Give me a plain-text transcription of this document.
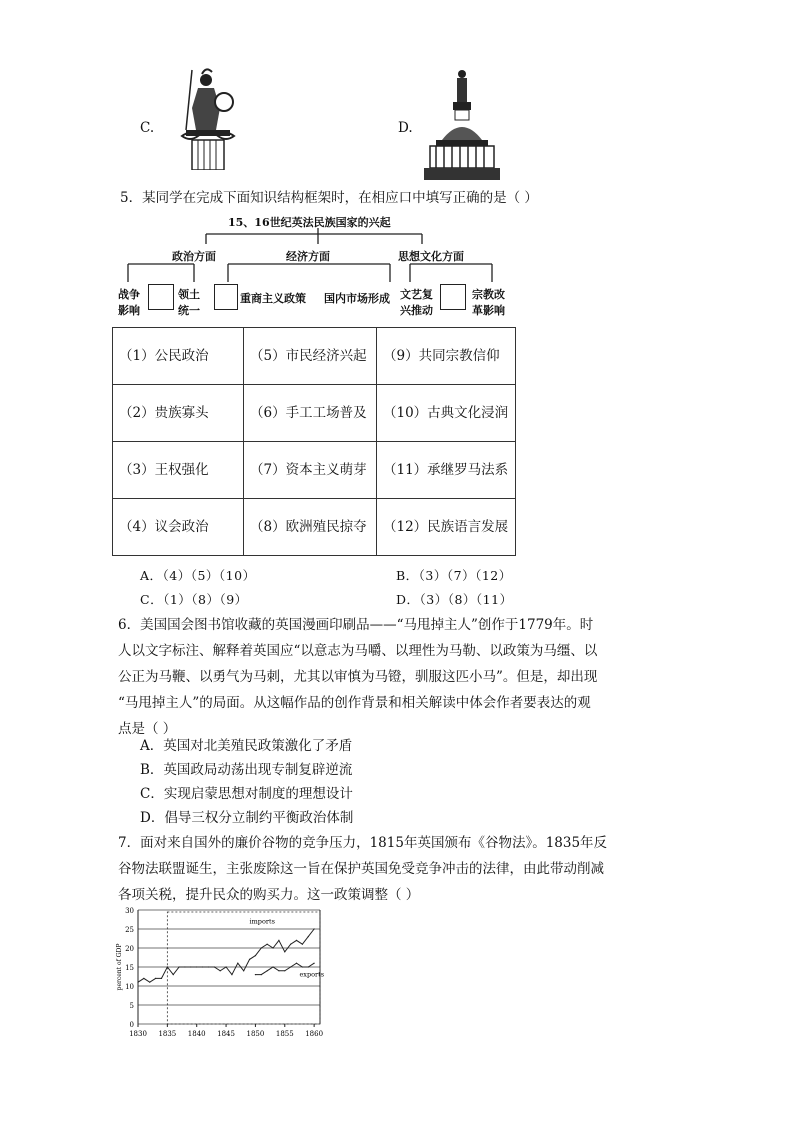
C.	D.
5．某同学在完成下面知识结构框架时，在相应口中填写正确的是（ ）
15、16世纪英法民族国家的兴起
政治方面	经济方面	思想文化方面
战争
影响
领土
统一
重商主义政策 国内市场形成 文艺复
兴推动
宗教改
革影响
（1）公民政治	（5）市民经济兴起	（9）共同宗教信仰
（2）贵族寡头	（6）手工工场普及	（10）古典文化浸润
（3）王权强化	（7）资本主义萌芽	（11）承继罗马法系
（4）议会政治	（8）欧洲殖民掠夺	（12）民族语言发展
A．（4）（5）（10）	B．（3）（7）（12）
C．（1）（8）（9）	D．（3）（8）（11）
6．美国国会图书馆收藏的英国漫画印刷品——“马甩掉主人”创作于1779年。时
人以文字标注、解释着英国应“以意志为马嚼、以理性为马勒、以政策为马缰、以
公正为马鞭、以勇气为马刺，尤其以审慎为马镫，驯服这匹小马”。但是，却出现
“马甩掉主人”的局面。从这幅作品的创作背景和相关解读中体会作者要表达的观
点是（ ）
A．英国对北美殖民政策激化了矛盾
B．英国政局动荡出现专制复辟逆流
C．实现启蒙思想对制度的理想设计
D．倡导三权分立制约平衡政治体制
7．面对来自国外的廉价谷物的竞争压力，1815年英国颁布《谷物法》。1835年反
谷物法联盟诞生，主张废除这一旨在保护英国免受竞争冲击的法律，由此带动削减
各项关税，提升民众的购买力。这一政策调整（ ）
0
5
10
15
20
25
30
1830 1835 1840 1845 1850 1855 1860
percent of GDP
imports
exports
